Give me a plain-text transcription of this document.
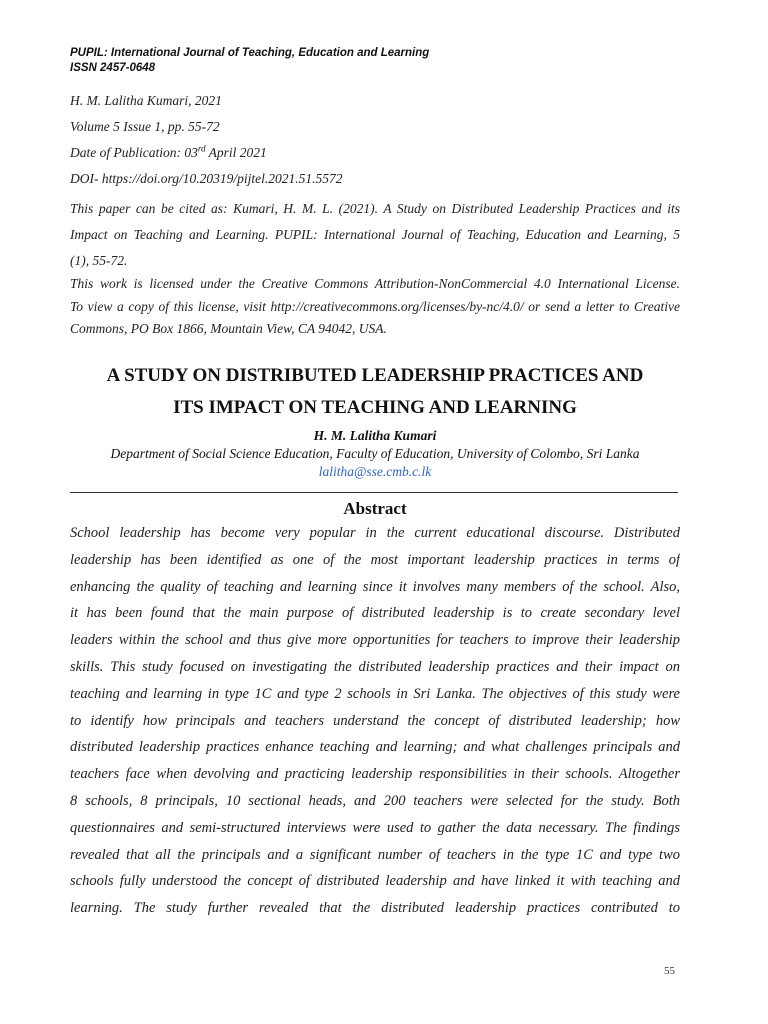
PUPIL: International Journal of Teaching, Education and Learning
ISSN 2457-0648
H. M. Lalitha Kumari, 2021
Volume 5 Issue 1, pp. 55-72
Date of Publication: 03rd April 2021
DOI- https://doi.org/10.20319/pijtel.2021.51.5572
This paper can be cited as: Kumari, H. M. L. (2021). A Study on Distributed Leadership Practices and its
Impact on Teaching and Learning. PUPIL: International Journal of Teaching, Education and Learning, 5
(1), 55-72.
This work is licensed under the Creative Commons Attribution-NonCommercial 4.0 International License.
To view a copy of this license, visit http://creativecommons.org/licenses/by-nc/4.0/ or send a letter to Creative
Commons, PO Box 1866, Mountain View, CA 94042, USA.
A STUDY ON DISTRIBUTED LEADERSHIP PRACTICES AND
ITS IMPACT ON TEACHING AND LEARNING
H. M. Lalitha Kumari
Department of Social Science Education, Faculty of Education, University of Colombo, Sri Lanka
lalitha@sse.cmb.c.lk
Abstract
School leadership has become very popular in the current educational discourse. Distributed
leadership has been identified as one of the most important leadership practices in terms of
enhancing the quality of teaching and learning since it involves many members of the school. Also,
it has been found that the main purpose of distributed leadership is to create secondary level
leaders within the school and thus give more opportunities for teachers to improve their leadership
skills. This study focused on investigating the distributed leadership practices and their impact on
teaching and learning in type 1C and type 2 schools in Sri Lanka. The objectives of this study were
to identify how principals and teachers understand the concept of distributed leadership; how
distributed leadership practices enhance teaching and learning; and what challenges principals and
teachers face when devolving and practicing leadership responsibilities in their schools. Altogether
8 schools, 8 principals, 10 sectional heads, and 200 teachers were selected for the study. Both
questionnaires and semi-structured interviews were used to gather the data necessary. The findings
revealed that all the principals and a significant number of teachers in the type 1C and type two
schools fully understood the concept of distributed leadership and have linked it with teaching and
learning. The study further revealed that the distributed leadership practices contributed to
55
